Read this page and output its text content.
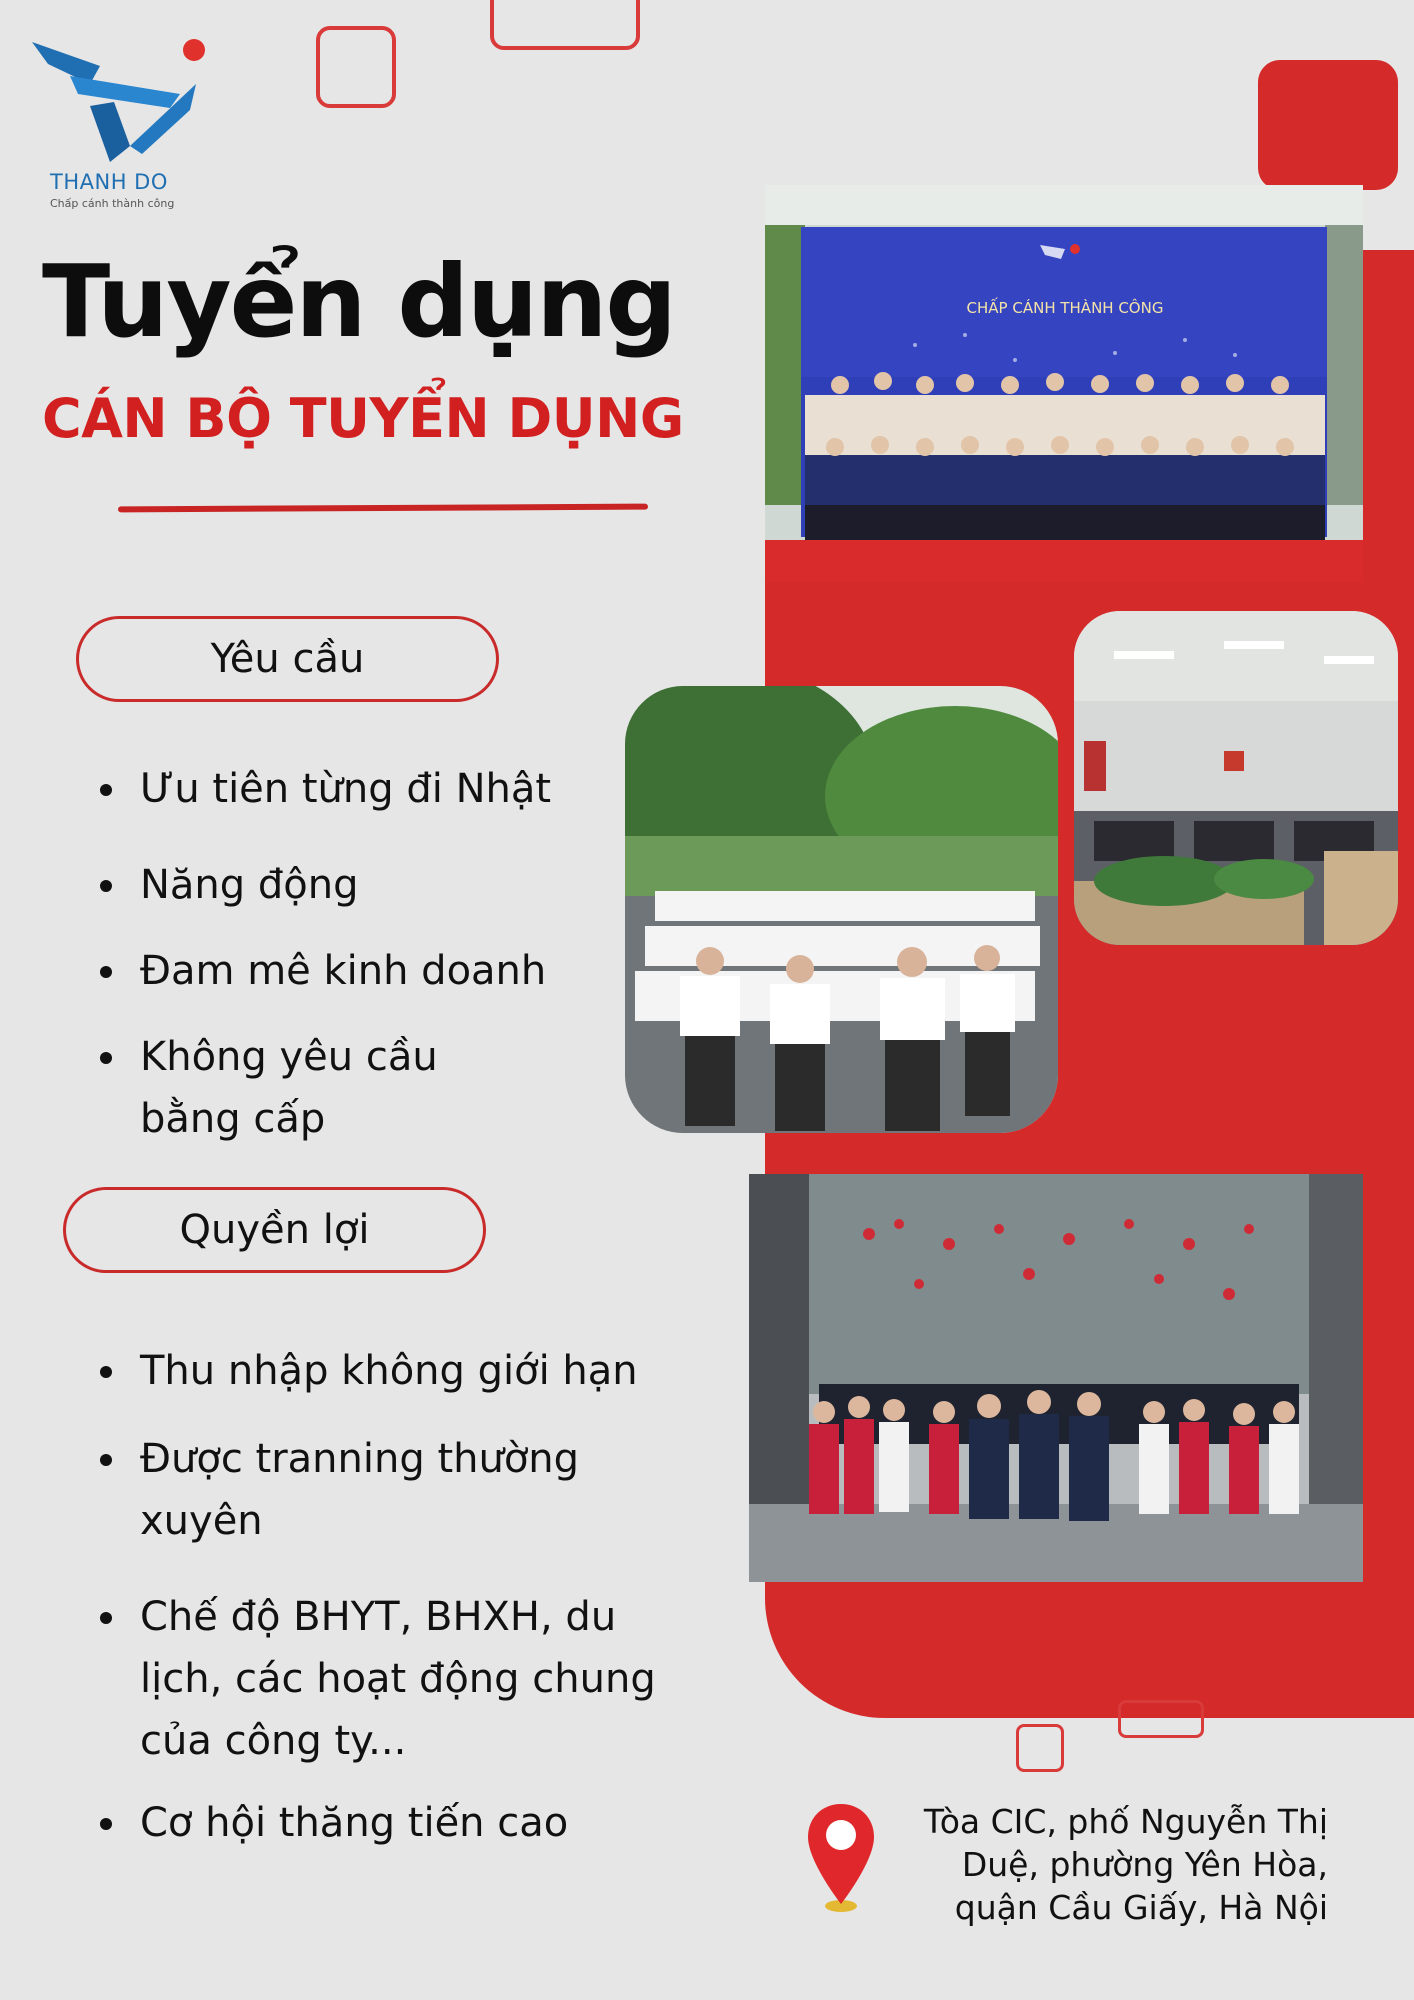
THANH DO
Chấp cánh thành công
Tuyển dụng
CÁN BỘ TUYỂN DỤNG
Yêu cầu
Ưu tiên từng đi Nhật
Năng động
Đam mê kinh doanh
Không yêu cầu
bằng cấp
Quyền lợi
Thu nhập không giới hạn
Được tranning thường
xuyên
Chế độ BHYT, BHXH, du
lịch, các hoạt động chung
của công ty...
Cơ hội thăng tiến cao
CHẤP CÁNH THÀNH CÔNG
Tòa CIC, phố Nguyễn Thị
Duệ, phường Yên Hòa,
quận Cầu Giấy, Hà Nội
